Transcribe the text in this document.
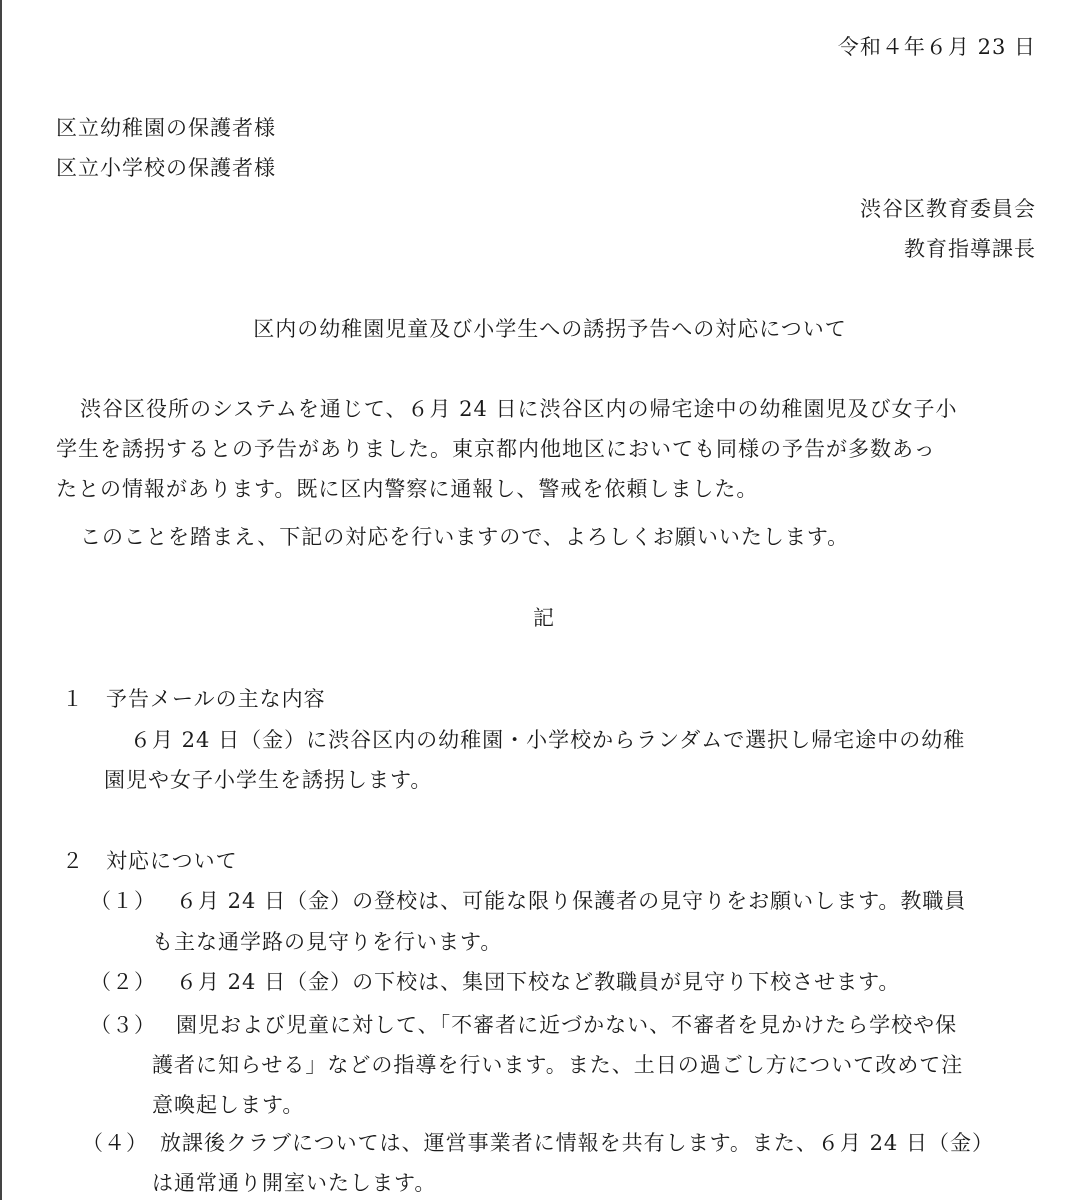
令和４年６月 23 日
区立幼稚園の保護者様
区立小学校の保護者様
渋谷区教育委員会
教育指導課長
区内の幼稚園児童及び小学生への誘拐予告への対応について
渋谷区役所のシステムを通じて、６月 24 日に渋谷区内の帰宅途中の幼稚園児及び女子小
学生を誘拐するとの予告がありました。東京都内他地区においても同様の予告が多数あっ
たとの情報があります。既に区内警察に通報し、警戒を依頼しました。
このことを踏まえ、下記の対応を行いますので、よろしくお願いいたします。
記
１　予告メールの主な内容
６月 24 日（金）に渋谷区内の幼稚園・小学校からランダムで選択し帰宅途中の幼稚
園児や女子小学生を誘拐します。
２　対応について
（１） ６月 24 日（金）の登校は、可能な限り保護者の見守りをお願いします。教職員
も主な通学路の見守りを行います。
（２） ６月 24 日（金）の下校は、集団下校など教職員が見守り下校させます。
（３） 園児および児童に対して、「不審者に近づかない、不審者を見かけたら学校や保
護者に知らせる」などの指導を行います。また、土日の過ごし方について改めて注
意喚起します。
（４） 放課後クラブについては、運営事業者に情報を共有します。また、６月 24 日（金）
は通常通り開室いたします。
